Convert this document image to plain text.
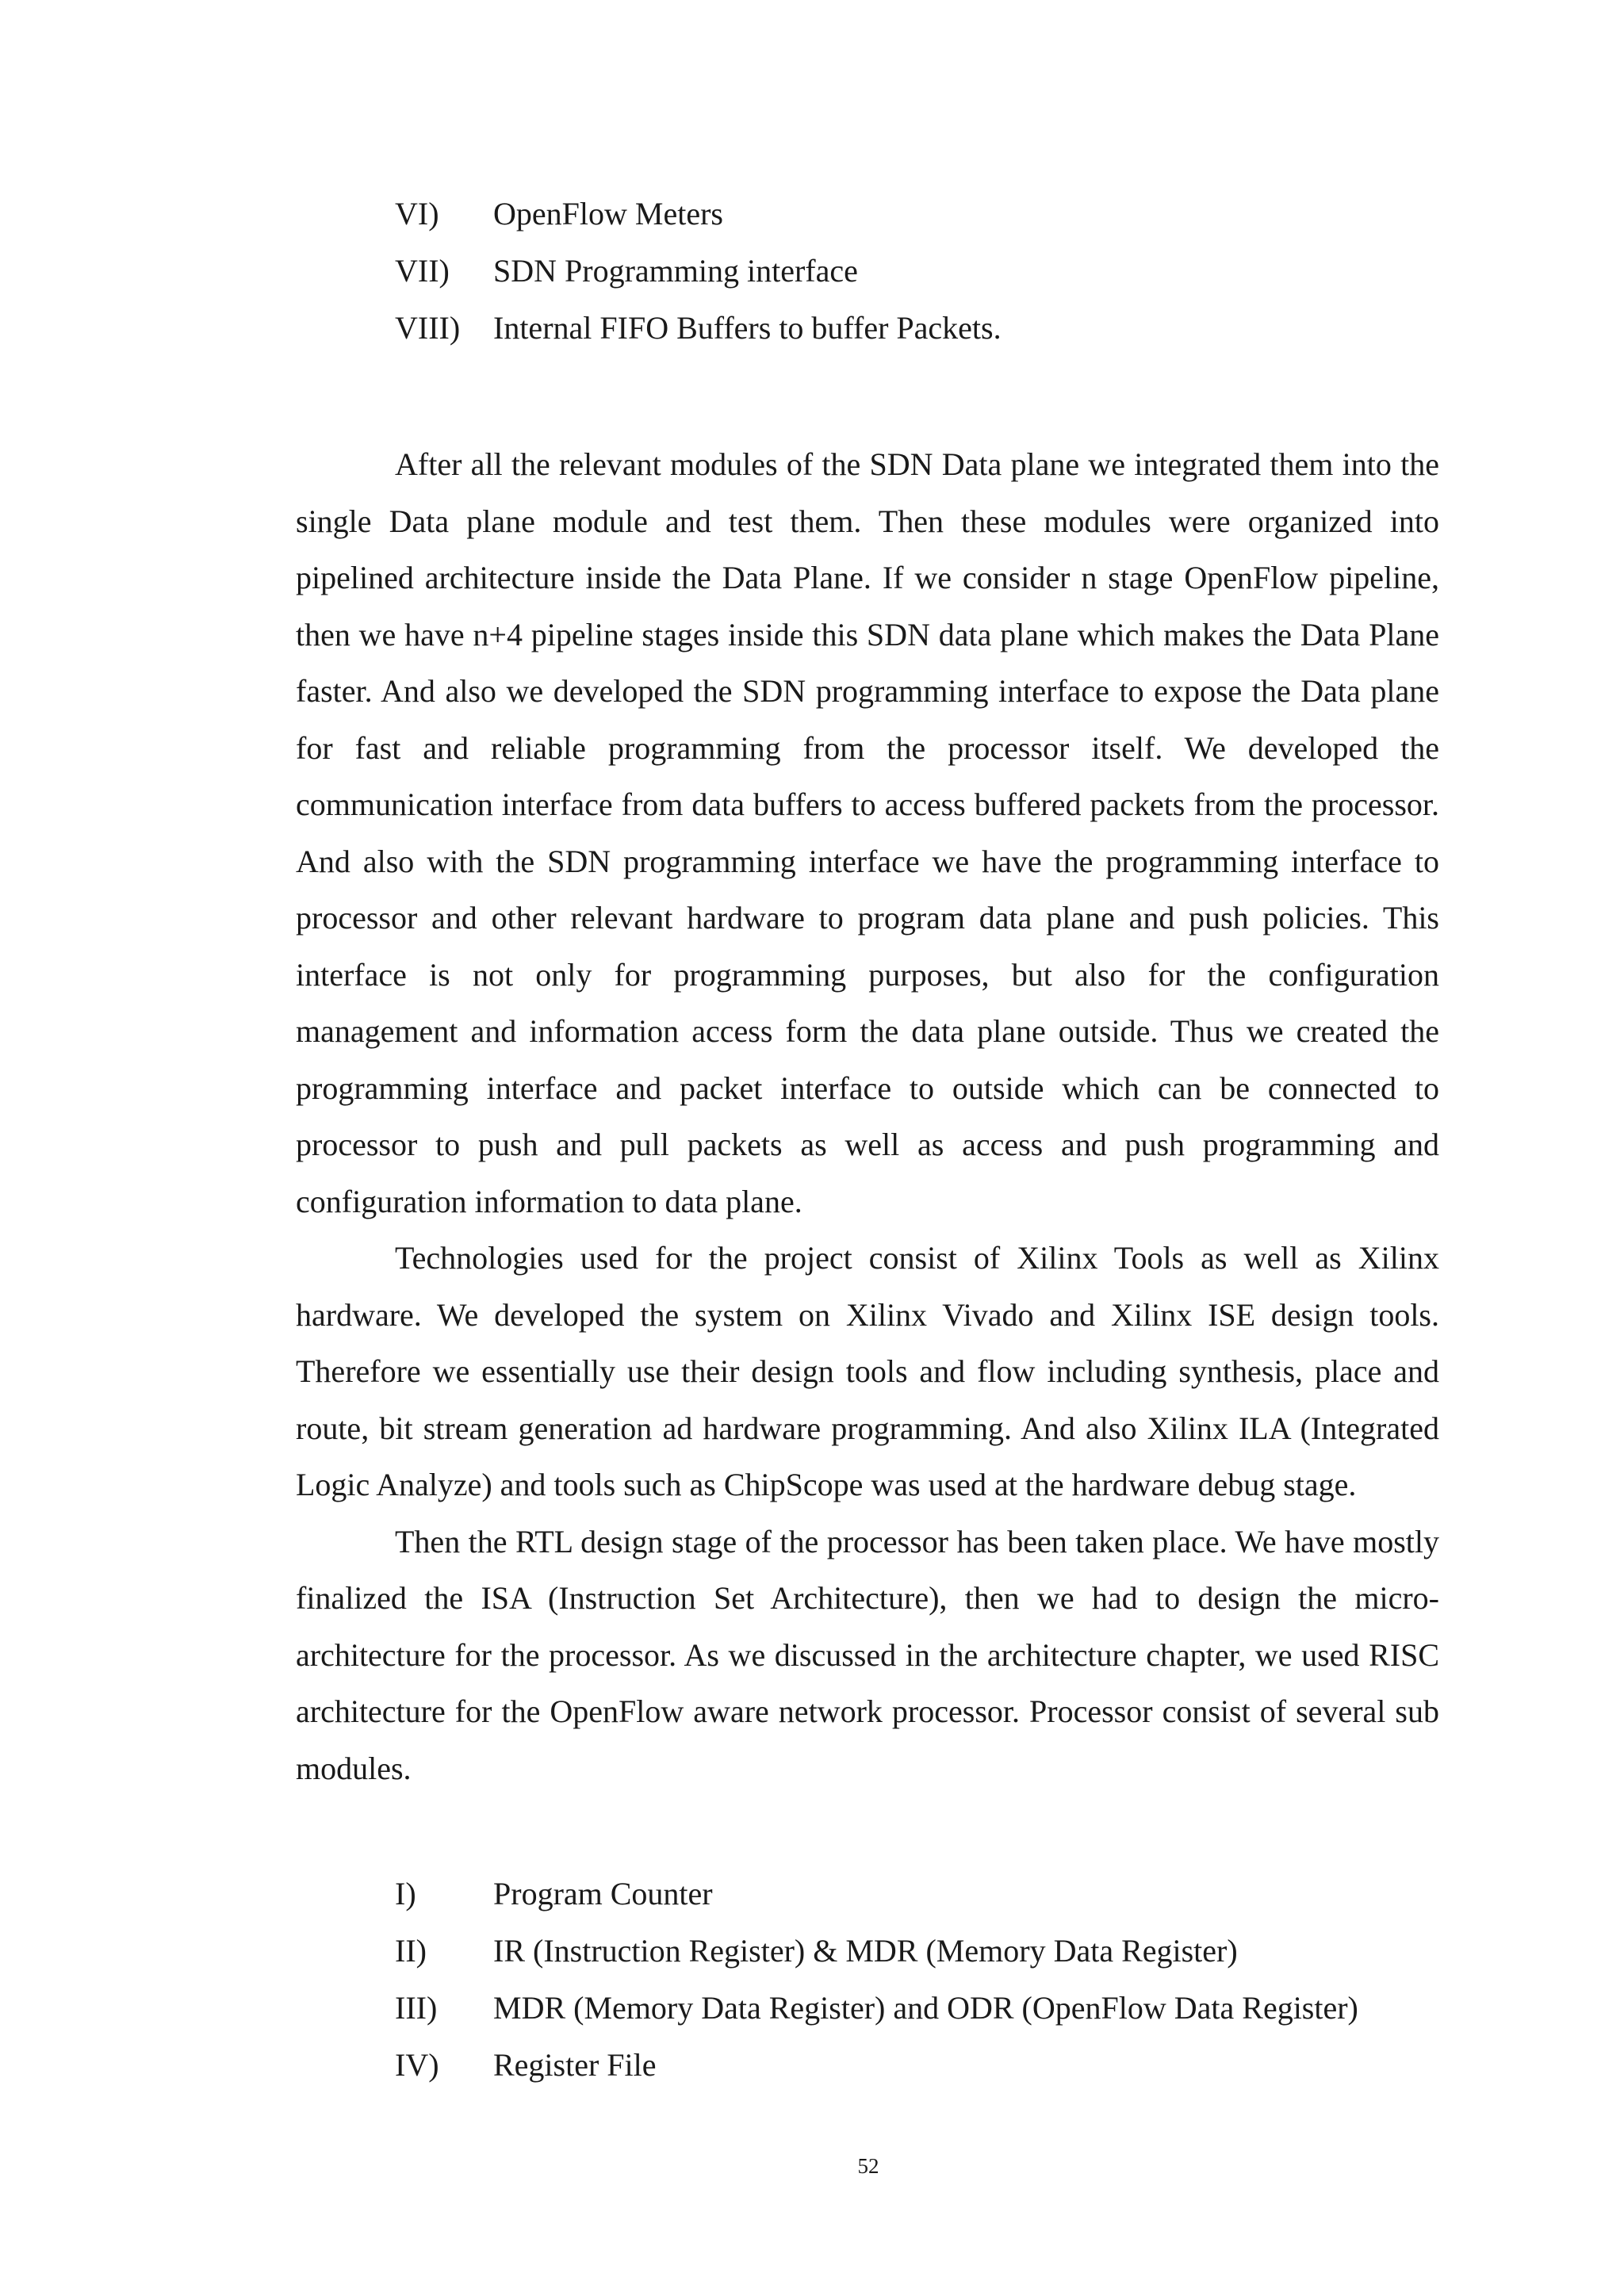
VI)	OpenFlow Meters
VII)	SDN Programming interface
VIII)	Internal FIFO Buffers to buffer Packets.

After all the relevant modules of the SDN Data plane we integrated them into the single Data plane module and test them. Then these modules were organized into pipelined architecture inside the Data Plane. If we consider n stage OpenFlow pipeline, then we have n+4 pipeline stages inside this SDN data plane which makes the Data Plane faster. And also we developed the SDN programming interface to expose the Data plane for fast and reliable programming from the processor itself. We developed the communication interface from data buffers to access buffered packets from the processor. And also with the SDN programming interface we have the programming interface to processor and other relevant hardware to program data plane and push policies. This interface is not only for programming purposes, but also for the configuration management and information access form the data plane outside. Thus we created the programming interface and packet interface to outside which can be connected to processor to push and pull packets as well as access and push programming and configuration information to data plane.

Technologies used for the project consist of Xilinx Tools as well as Xilinx hardware. We developed the system on Xilinx Vivado and Xilinx ISE design tools. Therefore we essentially use their design tools and flow including synthesis, place and route, bit stream generation ad hardware programming. And also Xilinx ILA (Integrated Logic Analyze) and tools such as ChipScope was used at the hardware debug stage.

Then the RTL design stage of the processor has been taken place. We have mostly finalized the ISA (Instruction Set Architecture), then we had to design the micro-architecture for the processor. As we discussed in the architecture chapter, we used RISC architecture for the OpenFlow aware network processor. Processor consist of several sub modules.

I)	Program Counter
II)	IR (Instruction Register) & MDR (Memory Data Register)
III)	MDR (Memory Data Register) and ODR (OpenFlow Data Register)
IV)	Register File
52
